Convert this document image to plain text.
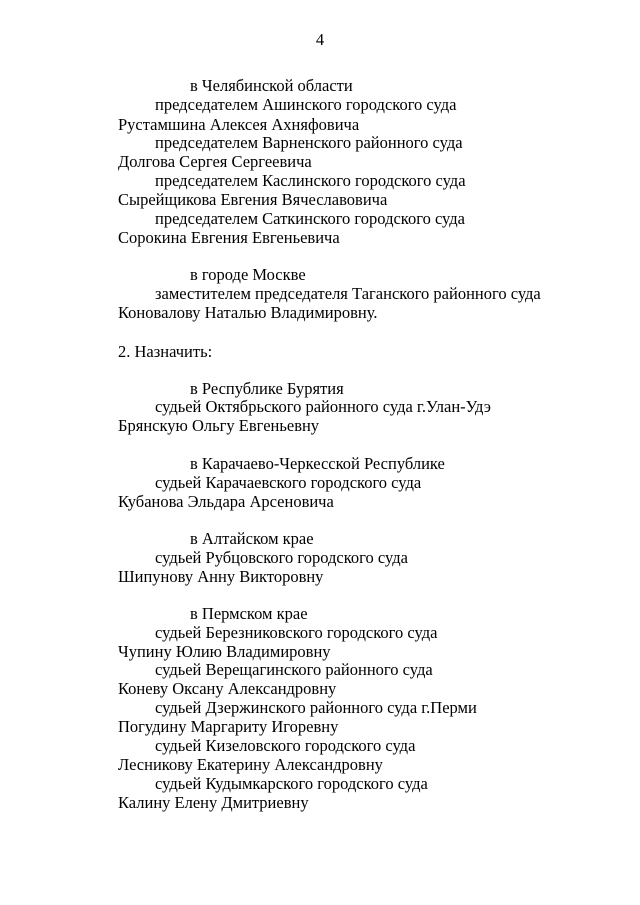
4
в Челябинской области
председателем Ашинского городского суда
Рустамшина Алексея Ахняфовича
председателем Варненского районного суда
Долгова Сергея Сергеевича
председателем Каслинского городского суда
Сырейщикова Евгения Вячеславовича
председателем Саткинского городского суда
Сорокина Евгения Евгеньевича
в городе Москве
заместителем председателя Таганского районного суда
Коновалову Наталью Владимировну.
2. Назначить:
в Республике Бурятия
судьей Октябрьского районного суда г.Улан-Удэ
Брянскую Ольгу Евгеньевну
в Карачаево-Черкесской Республике
судьей Карачаевского городского суда
Кубанова Эльдара Арсеновича
в Алтайском крае
судьей Рубцовского городского суда
Шипунову Анну Викторовну
в Пермском крае
судьей Березниковского городского суда
Чупину Юлию Владимировну
судьей Верещагинского районного суда
Коневу Оксану Александровну
судьей Дзержинского районного суда г.Перми
Погудину Маргариту Игоревну
судьей Кизеловского городского суда
Лесникову Екатерину Александровну
судьей Кудымкарского городского суда
Калину Елену Дмитриевну
